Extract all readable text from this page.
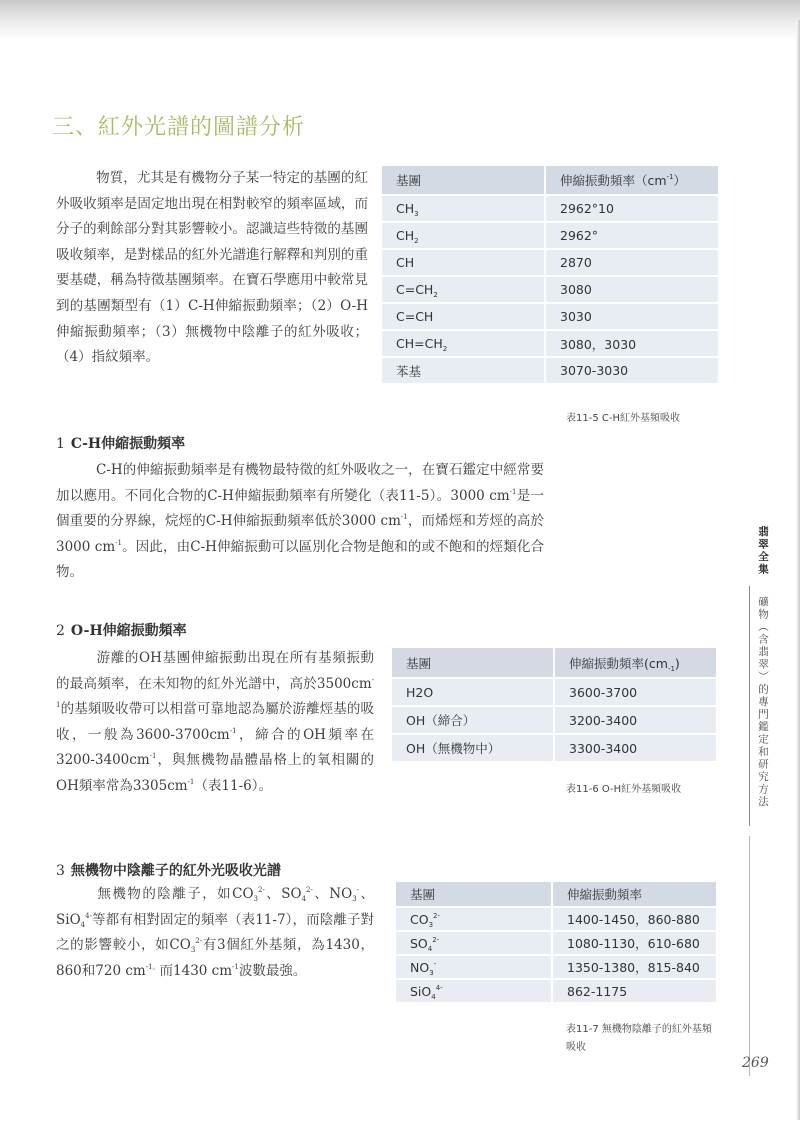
三、紅外光譜的圖譜分析

物質，尤其是有機物分子某一特定的基團的紅外吸收頻率是固定地出現在相對較窄的頻率區域，而分子的剩餘部分對其影響較小。認識這些特徵的基團吸收頻率，是對樣品的紅外光譜進行解釋和判別的重要基礎，稱為特徵基團頻率。在寶石學應用中較常見到的基團類型有（1）C-H伸縮振動頻率；（2）O-H伸縮振動頻率；（3）無機物中陰離子的紅外吸收；（4）指紋頻率。

基團	伸縮振動頻率$(cm^{-1})$
$CH_3$	2962°10
$CH_2$	2962°
CH	2870
$C=CH_2$	3080
C=CH	3030
$CH=CH_2$	3080，3030
苯基	3070-3030

表11-5 C-H紅外基頻吸收

1 C-H伸縮振動頻率

C-H的伸縮振動頻率是有機物最特徵的紅外吸收之一，在寶石鑑定中經常要加以應用。不同化合物的C-H伸縮振動頻率有所變化（表11-5）。3000 $cm^{-1}$是一個重要的分界線，烷烴的C-H伸縮振動頻率低於3000 $cm^{-1}$，而烯烴和芳烴的高於3000 $cm^{-1}$。因此，由C-H伸縮振動可以區別化合物是飽和的或不飽和的烴類化合物。

2 O-H伸縮振動頻率

游離的OH基團伸縮振動出現在所有基頻振動的最高頻率，在未知物的紅外光譜中，高於$3500cm^{-1}$的基頻吸收帶可以相當可靠地認為屬於游離烴基的吸收，一般為$3600-3700cm^{-1}$，締合的OH頻率在$3200-3400cm^{-1}$，與無機物晶體晶格上的氧相關的OH頻率常為$3305cm^{-1}$（表11-6）。

基團	伸縮振動頻率$(cm_{-1})$
H2O	3600-3700
OH（締合）	3200-3400
OH（無機物中）	3300-3400

表11-6 O-H紅外基頻吸收

3 無機物中陰離子的紅外光吸收光譜

無機物的陰離子，如$CO_3^{2-}$、$SO_4^{2-}$、$NO_3^-$、SiO$_4^{4-}$等都有相對固定的頻率（表11-7），而陰離子對之的影響較小，如$CO_3^{2-}$有3個紅外基頻，為1430，860和720 $cm^{-1。}$而1430 $cm^{-1}$波數最強。

基團	伸縮振動頻率
$CO_3^{2-}$	1400-1450，860-880
$SO_4^{2-}$	1080-1130，610-680
$NO_3^-$	1350-1380，815-840
SiO$_4^{4-}$	862-1175

表11-7 無機物陰離子的紅外基頻吸收

翡翠全集

礦物（含翡翠）的專門鑑定和研究方法

269
